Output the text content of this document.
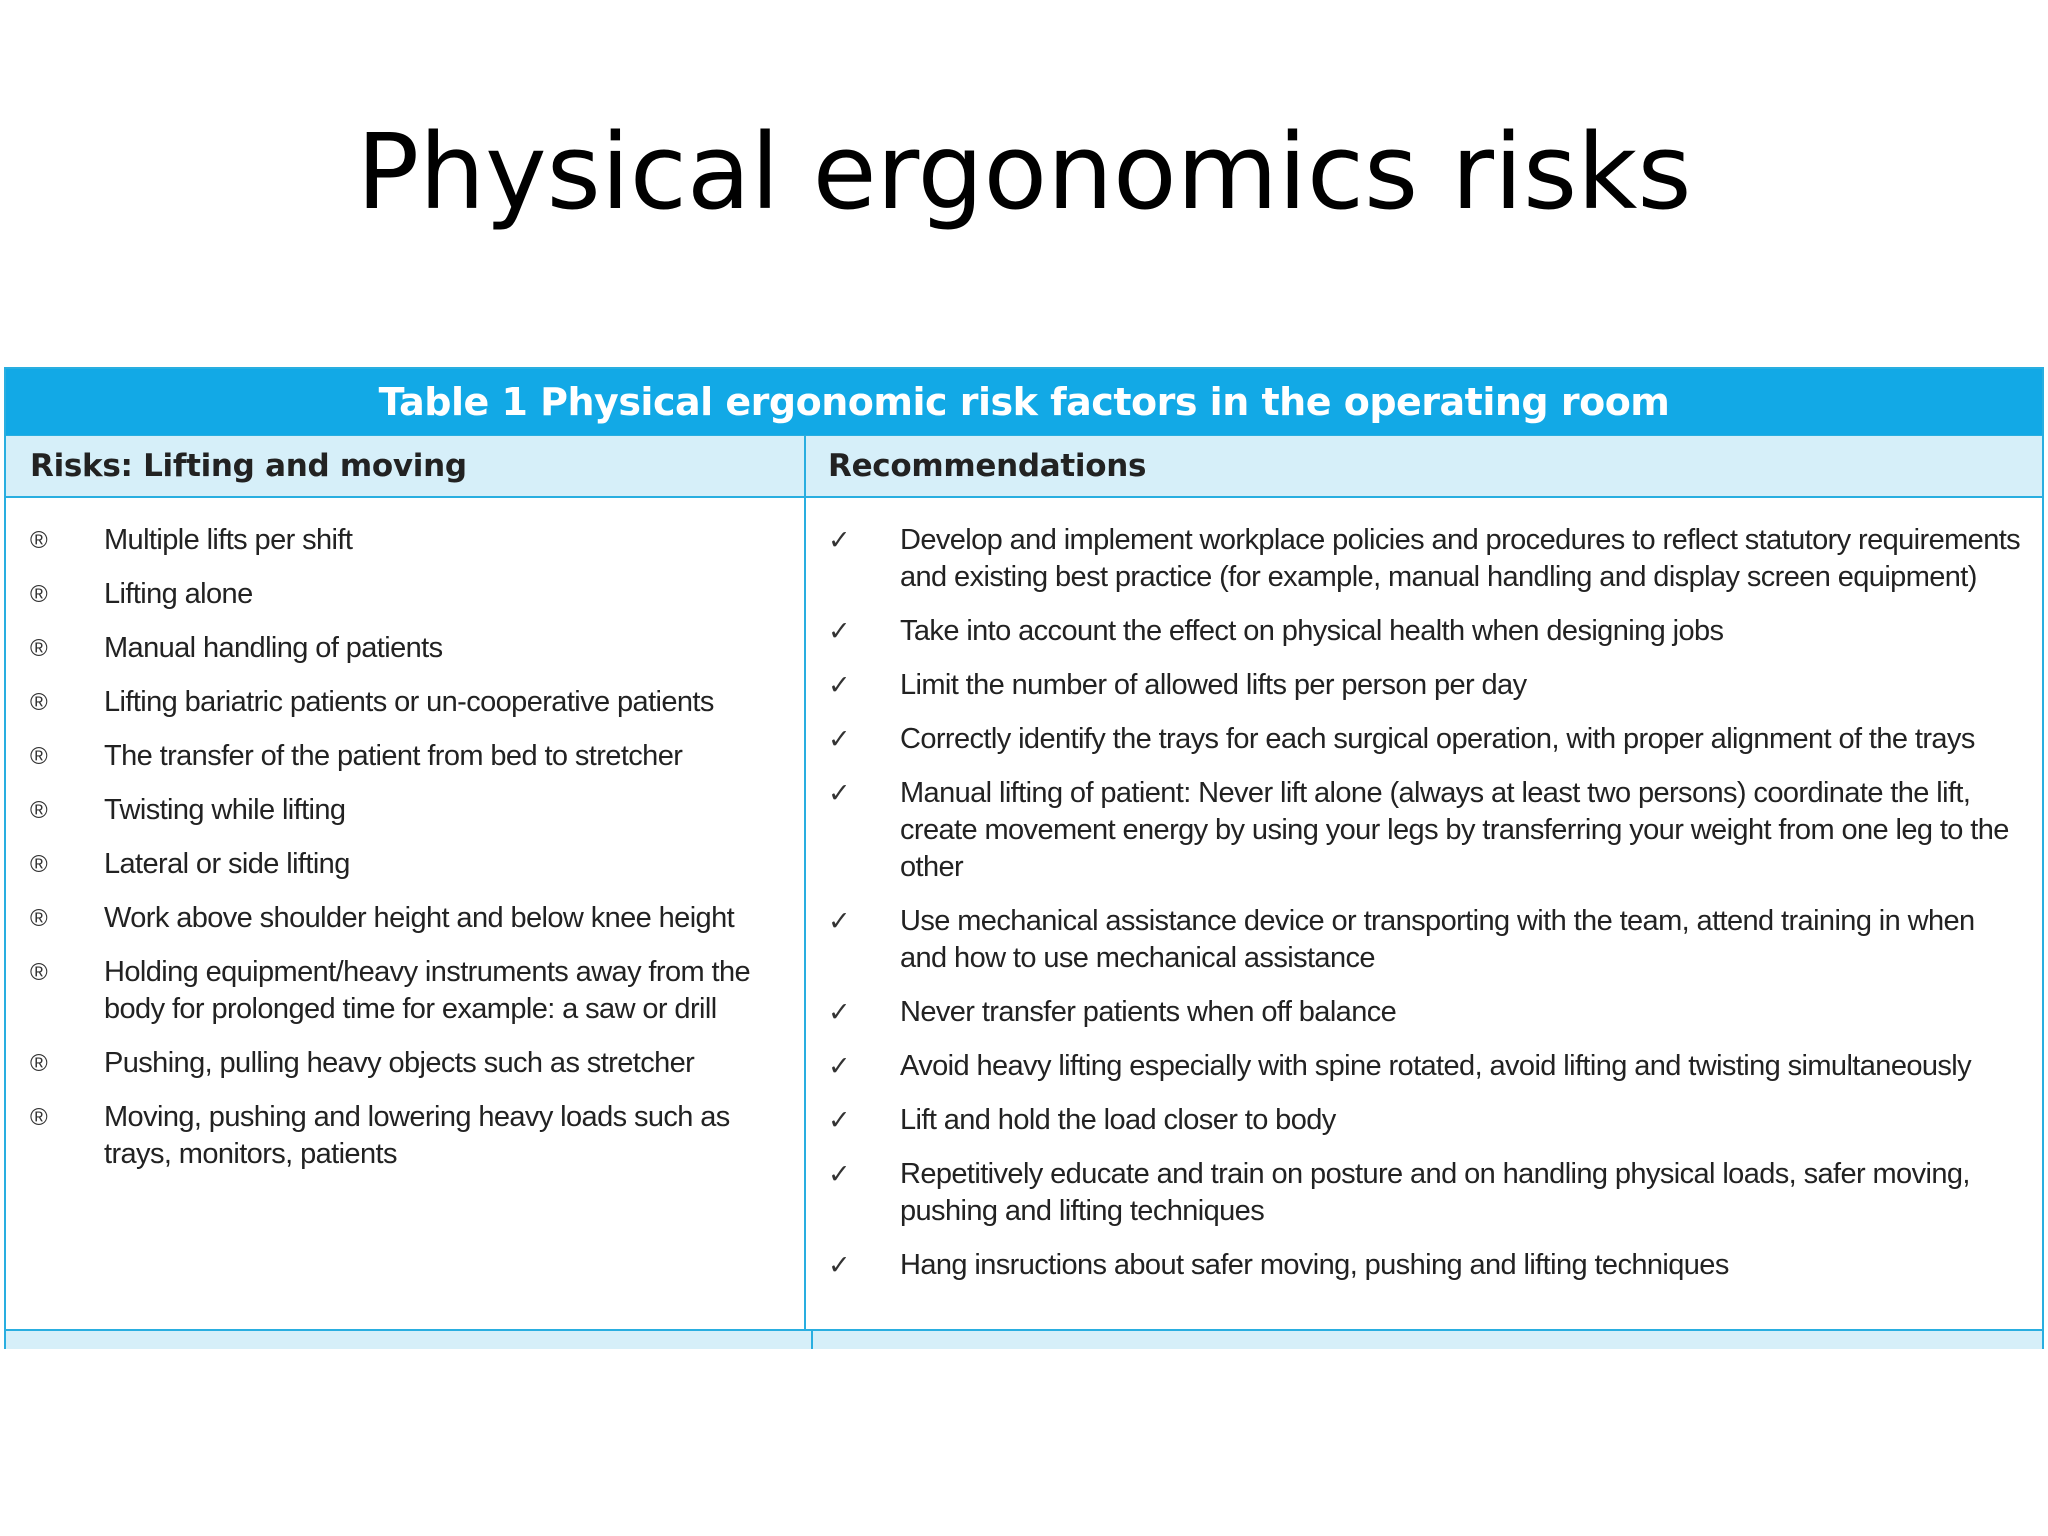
Physical ergonomics risks
Table 1 Physical ergonomic risk factors in the operating room
Risks: Lifting and moving	Recommendations
®	Multiple lifts per shift
®	Lifting alone
®	Manual handling of patients
®	Lifting bariatric patients or un-cooperative patients
®	The transfer of the patient from bed to stretcher
®	Twisting while lifting
®	Lateral or side lifting
®	Work above shoulder height and below knee height
®	Holding equipment/heavy instruments away from the body for prolonged time for example: a saw or drill
®	Pushing, pulling heavy objects such as stretcher
®	Moving, pushing and lowering heavy loads such as trays, monitors, patients
✓	Develop and implement workplace policies and procedures to reflect statutory requirements and existing best practice (for example, manual handling and display screen equipment)
✓	Take into account the effect on physical health when designing jobs
✓	Limit the number of allowed lifts per person per day
✓	Correctly identify the trays for each surgical operation, with proper alignment of the trays
✓	Manual lifting of patient: Never lift alone (always at least two persons) coordinate the lift, create movement energy by using your legs by transferring your weight from one leg to the other
✓	Use mechanical assistance device or transporting with the team, attend training in when and how to use mechanical assistance
✓	Never transfer patients when off balance
✓	Avoid heavy lifting especially with spine rotated, avoid lifting and twisting simultaneously
✓	Lift and hold the load closer to body
✓	Repetitively educate and train on posture and on handling physical loads, safer moving, pushing and lifting techniques
✓	Hang insructions about safer moving, pushing and lifting techniques
